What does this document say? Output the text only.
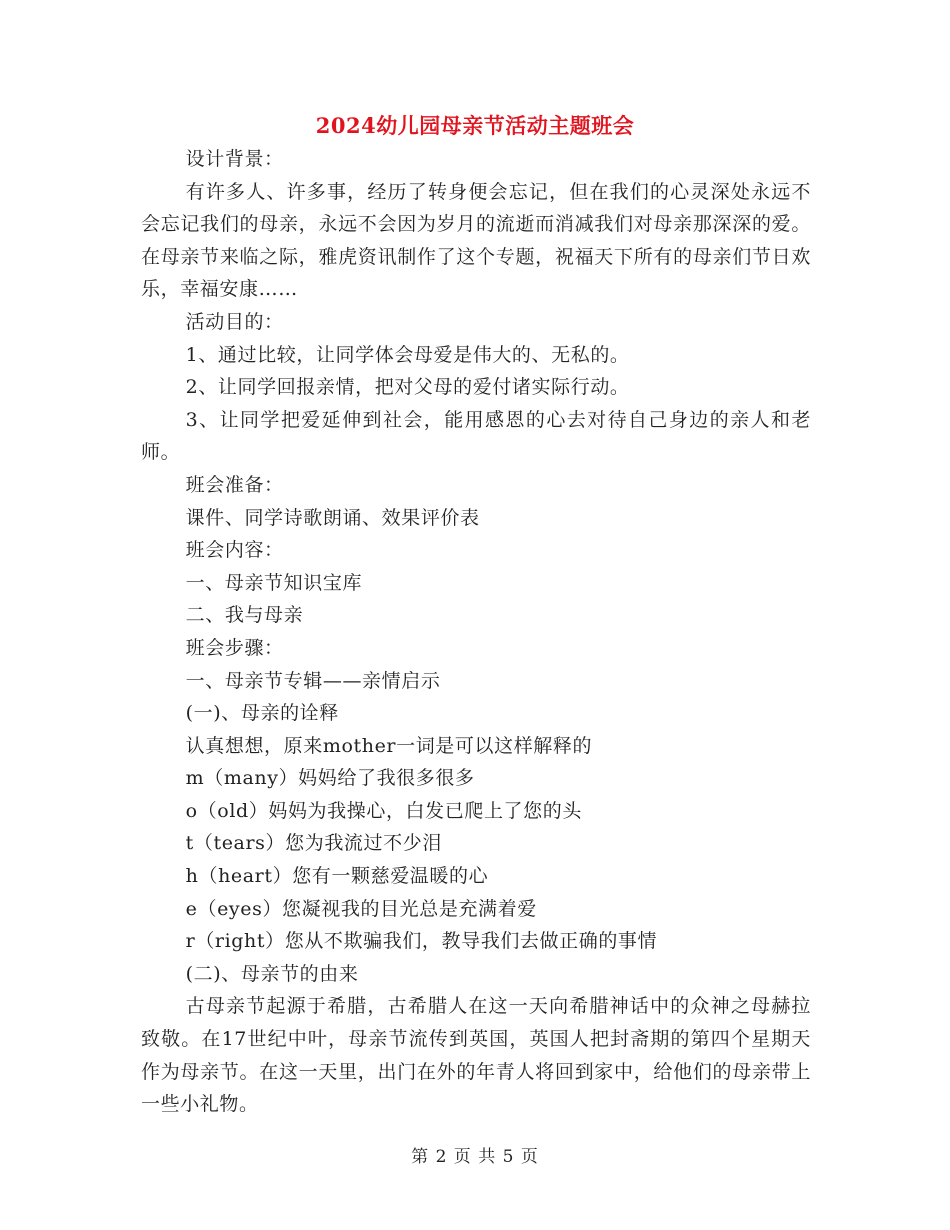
2024幼儿园母亲节活动主题班会

设计背景：

有许多人、许多事，经历了转身便会忘记，但在我们的心灵深处永远不会忘记我们的母亲，永远不会因为岁月的流逝而消减我们对母亲那深深的爱。在母亲节来临之际，雅虎资讯制作了这个专题，祝福天下所有的母亲们节日欢乐，幸福安康……

活动目的：

1、通过比较，让同学体会母爱是伟大的、无私的。

2、让同学回报亲情，把对父母的爱付诸实际行动。

3、让同学把爱延伸到社会，能用感恩的心去对待自己身边的亲人和老师。

班会准备：

课件、同学诗歌朗诵、效果评价表

班会内容：

一、母亲节知识宝库

二、我与母亲

班会步骤：

一、母亲节专辑——亲情启示

(一)、母亲的诠释

认真想想，原来mother一词是可以这样解释的

m（many）妈妈给了我很多很多

o（old）妈妈为我操心，白发已爬上了您的头

t（tears）您为我流过不少泪

h（heart）您有一颗慈爱温暖的心

e（eyes）您凝视我的目光总是充满着爱

r（right）您从不欺骗我们，教导我们去做正确的事情

(二)、母亲节的由来

古母亲节起源于希腊，古希腊人在这一天向希腊神话中的众神之母赫拉致敬。在17世纪中叶，母亲节流传到英国，英国人把封斋期的第四个星期天作为母亲节。在这一天里，出门在外的年青人将回到家中，给他们的母亲带上一些小礼物。

第 2 页 共 5 页
